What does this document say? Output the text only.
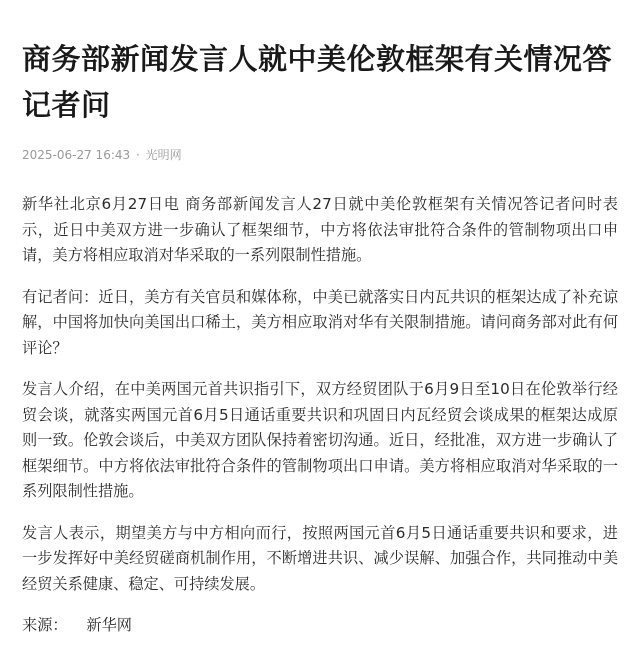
商务部新闻发言人就中美伦敦框架有关情况答记者问
2025-06-27 16:43 · 光明网

新华社北京6月27日电 商务部新闻发言人27日就中美伦敦框架有关情况答记者问时表示，近日中美双方进一步确认了框架细节，中方将依法审批符合条件的管制物项出口申请，美方将相应取消对华采取的一系列限制性措施。

有记者问：近日，美方有关官员和媒体称，中美已就落实日内瓦共识的框架达成了补充谅解，中国将加快向美国出口稀土，美方相应取消对华有关限制措施。请问商务部对此有何评论？

发言人介绍，在中美两国元首共识指引下，双方经贸团队于6月9日至10日在伦敦举行经贸会谈，就落实两国元首6月5日通话重要共识和巩固日内瓦经贸会谈成果的框架达成原则一致。伦敦会谈后，中美双方团队保持着密切沟通。近日，经批准，双方进一步确认了框架细节。中方将依法审批符合条件的管制物项出口申请。美方将相应取消对华采取的一系列限制性措施。

发言人表示，期望美方与中方相向而行，按照两国元首6月5日通话重要共识和要求，进一步发挥好中美经贸磋商机制作用，不断增进共识、减少误解、加强合作，共同推动中美经贸关系健康、稳定、可持续发展。

来源： 新华网
